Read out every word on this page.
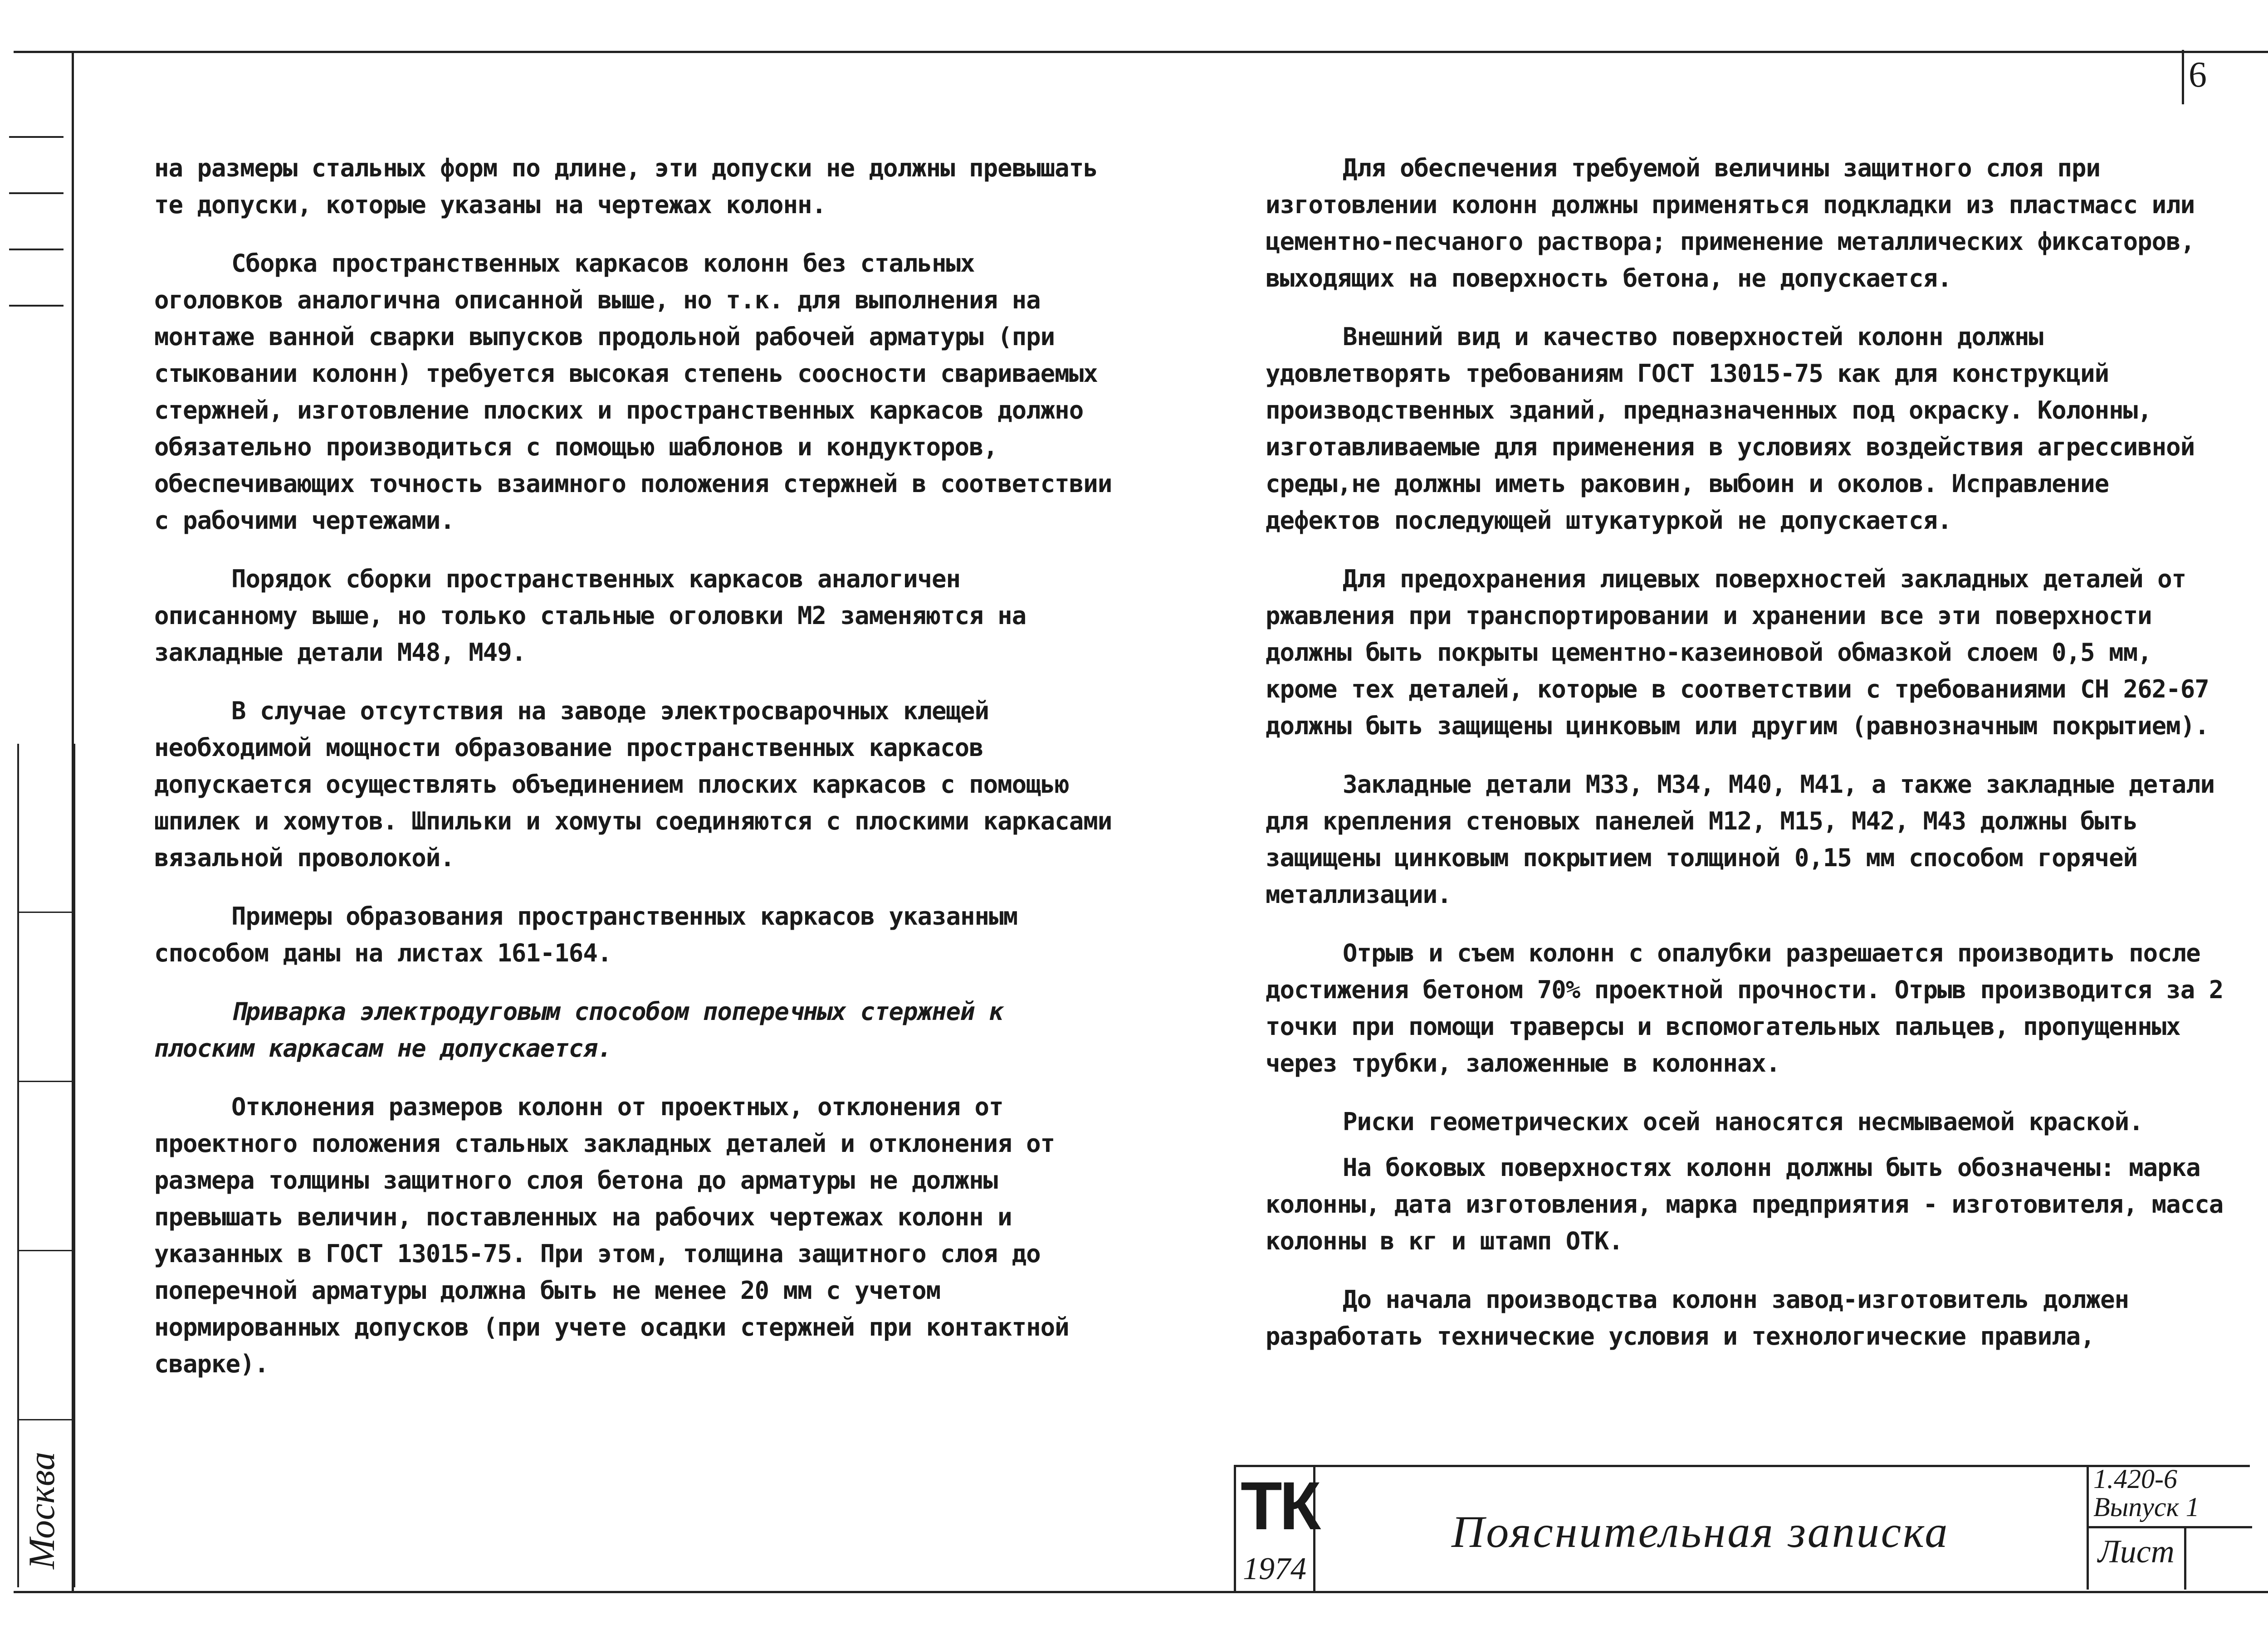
Москва
6

на размеры стальных форм по длине, эти допуски не должны превышать те допуски, которые указаны на чертежах колонн.

Сборка пространственных каркасов колонн без стальных оголовков аналогична описанной выше, но т.к. для выполнения на монтаже ванной сварки выпусков продольной рабочей арматуры (при стыковании колонн) требуется высокая степень соосности свариваемых стержней, изготовление плоских и пространственных каркасов должно обязательно производиться с помощью шаблонов и кондукторов, обеспечивающих точность взаимного положения стержней в соответствии с рабочими чертежами.

Порядок сборки пространственных каркасов аналогичен описанному выше, но только стальные оголовки М2 заменяются на закладные детали М48, М49.

В случае отсутствия на заводе электросварочных клещей необходимой мощности образование пространственных каркасов допускается осуществлять объединением плоских каркасов с помощью шпилек и хомутов. Шпильки и хомуты соединяются с плоскими каркасами вязальной проволокой.

Примеры образования пространственных каркасов указанным способом даны на листах 161-164.

Приварка электродуговым способом поперечных стержней к плоским каркасам не допускается.

Отклонения размеров колонн от проектных, отклонения от проектного положения стальных закладных деталей и отклонения от размера толщины защитного слоя бетона до арматуры не должны превышать величин, поставленных на рабочих чертежах колонн и указанных в ГОСТ 13015-75. При этом, толщина защитного слоя до поперечной арматуры должна быть не менее 20 мм с учетом нормированных допусков (при учете осадки стержней при контактной сварке).

Для обеспечения требуемой величины защитного слоя при изготовлении колонн должны применяться подкладки из пластмасс или цементно-песчаного раствора; применение металлических фиксаторов, выходящих на поверхность бетона, не допускается.

Внешний вид и качество поверхностей колонн должны удовлетворять требованиям ГОСТ 13015-75 как для конструкций производственных зданий, предназначенных под окраску. Колонны, изготавливаемые для применения в условиях воздействия агрессивной среды,не должны иметь раковин, выбоин и околов. Исправление дефектов последующей штукатуркой не допускается.

Для предохранения лицевых поверхностей закладных деталей от ржавления при транспортировании и хранении все эти поверхности должны быть покрыты цементно-казеиновой обмазкой слоем 0,5 мм, кроме тех деталей, которые в соответствии с требованиями СН 262-67 должны быть защищены цинковым или другим (равнозначным покрытием).

Закладные детали М33, М34, М40, М41, а также закладные детали для крепления стеновых панелей М12, М15, М42, М43 должны быть защищены цинковым покрытием толщиной 0,15 мм способом горячей металлизации.

Отрыв и съем колонн с опалубки разрешается производить после достижения бетоном 70% проектной прочности. Отрыв производится за 2 точки при помощи траверсы и вспомогательных пальцев, пропущенных через трубки, заложенные в колоннах.

Риски геометрических осей наносятся несмываемой краской.

На боковых поверхностях колонн должны быть обозначены: марка колонны, дата изготовления, марка предприятия - изготовителя, масса колонны в кг и штамп ОТК.

До начала производства колонн завод-изготовитель должен разработать технические условия и технологические правила,

ТК
1974
Пояснительная записка
1.420-6
Выпуск 1
Лист
